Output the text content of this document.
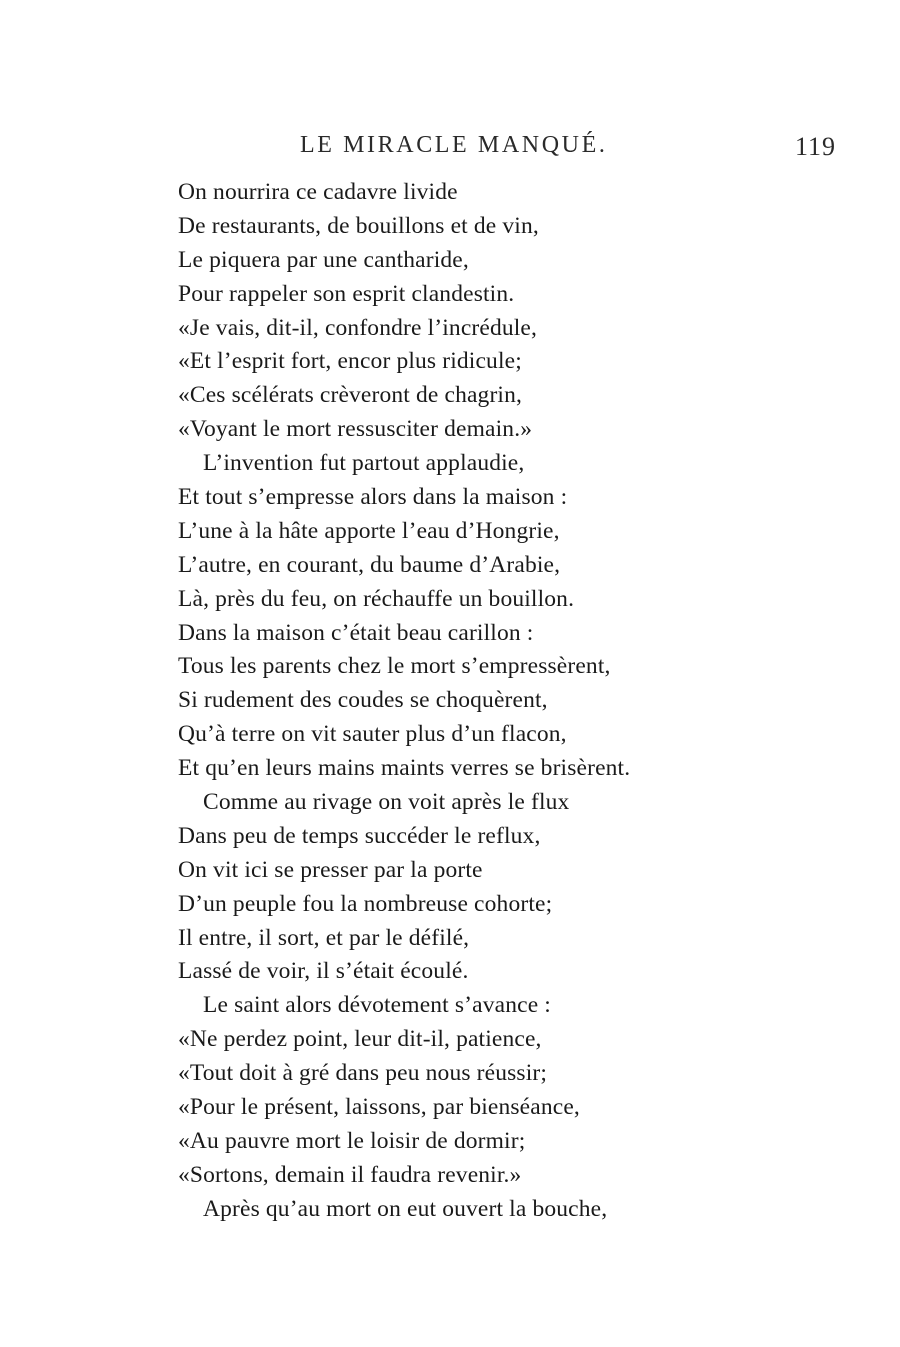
LE MIRACLE MANQUÉ.	119
On nourrira ce cadavre livide
De restaurants, de bouillons et de vin,
Le piquera par une cantharide,
Pour rappeler son esprit clandestin.
«Je vais, dit-il, confondre l’incrédule,
«Et l’esprit fort, encor plus ridicule;
«Ces scélérats crèveront de chagrin,
«Voyant le mort ressusciter demain.»
L’invention fut partout applaudie,
Et tout s’empresse alors dans la maison :
L’une à la hâte apporte l’eau d’Hongrie,
L’autre, en courant, du baume d’Arabie,
Là, près du feu, on réchauffe un bouillon.
Dans la maison c’était beau carillon :
Tous les parents chez le mort s’empressèrent,
Si rudement des coudes se choquèrent,
Qu’à terre on vit sauter plus d’un flacon,
Et qu’en leurs mains maints verres se brisèrent.
Comme au rivage on voit après le flux
Dans peu de temps succéder le reflux,
On vit ici se presser par la porte
D’un peuple fou la nombreuse cohorte;
Il entre, il sort, et par le défilé,
Lassé de voir, il s’était écoulé.
Le saint alors dévotement s’avance :
«Ne perdez point, leur dit-il, patience,
«Tout doit à gré dans peu nous réussir;
«Pour le présent, laissons, par bienséance,
«Au pauvre mort le loisir de dormir;
«Sortons, demain il faudra revenir.»
Après qu’au mort on eut ouvert la bouche,
